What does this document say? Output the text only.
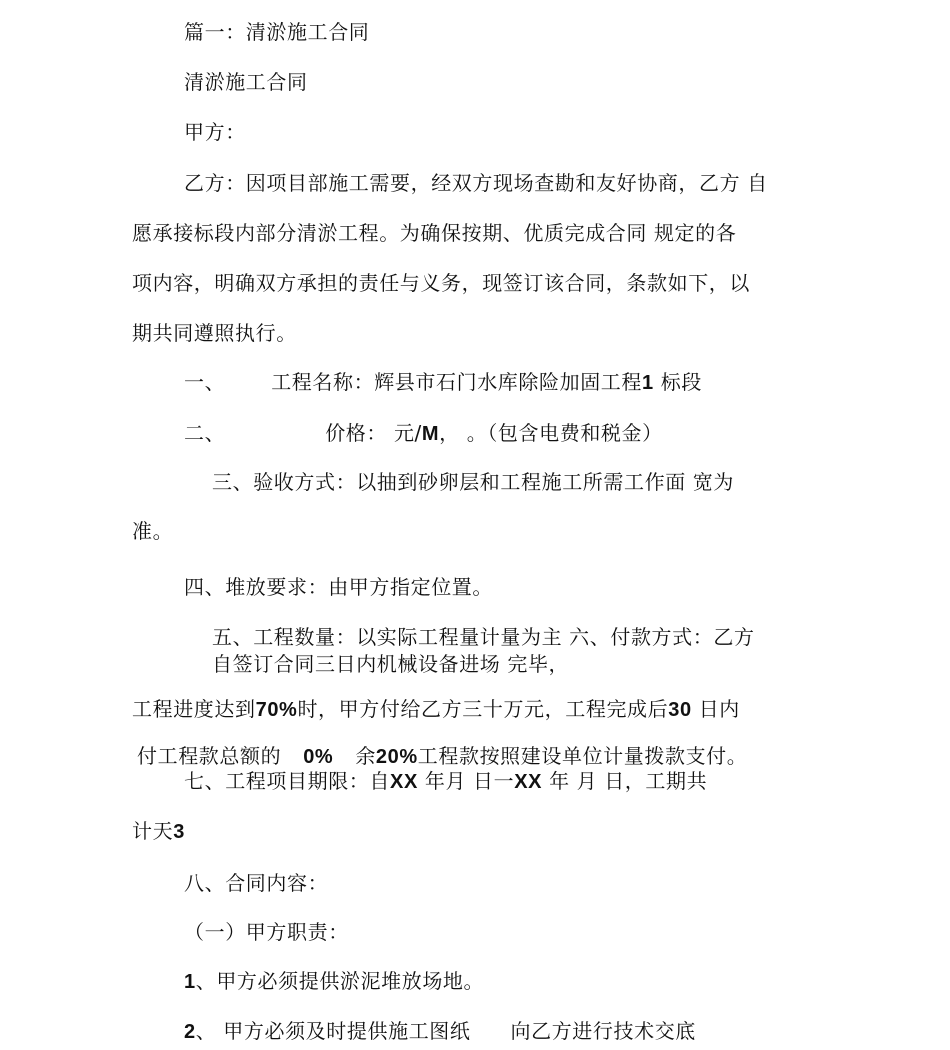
篇一：清淤施工合同
清淤施工合同
甲方：
乙方：因项目部施工需要，经双方现场查勘和友好协商，乙方 自
愿承接标段内部分清淤工程。为确保按期、优质完成合同 规定的各
项内容，明确双方承担的责任与义务，现签订该合同，条款如下，以
期共同遵照执行。
一、 工程名称：辉县市石门水库除险加固工程1 标段
二、	价格： 元/M， 。（包含电费和税金）
三、验收方式：以抽到砂卵层和工程施工所需工作面 宽为
准。
四、堆放要求：由甲方指定位置。
五、工程数量：以实际工程量计量为主 六、付款方式：乙方
自签订合同三日内机械设备进场 完毕，
工程进度达到70%时，甲方付给乙方三十万元，工程完成后30 日内
付工程款总额的 0% 余20%工程款按照建设单位计量拨款支付。
七、工程项目期限：自XX 年月 日一XX 年 月 日，工期共
计天3
八、合同内容：
（一）甲方职责：
1、甲方必须提供淤泥堆放场地。
2、 甲方必须及时提供施工图纸 向乙方进行技术交底
